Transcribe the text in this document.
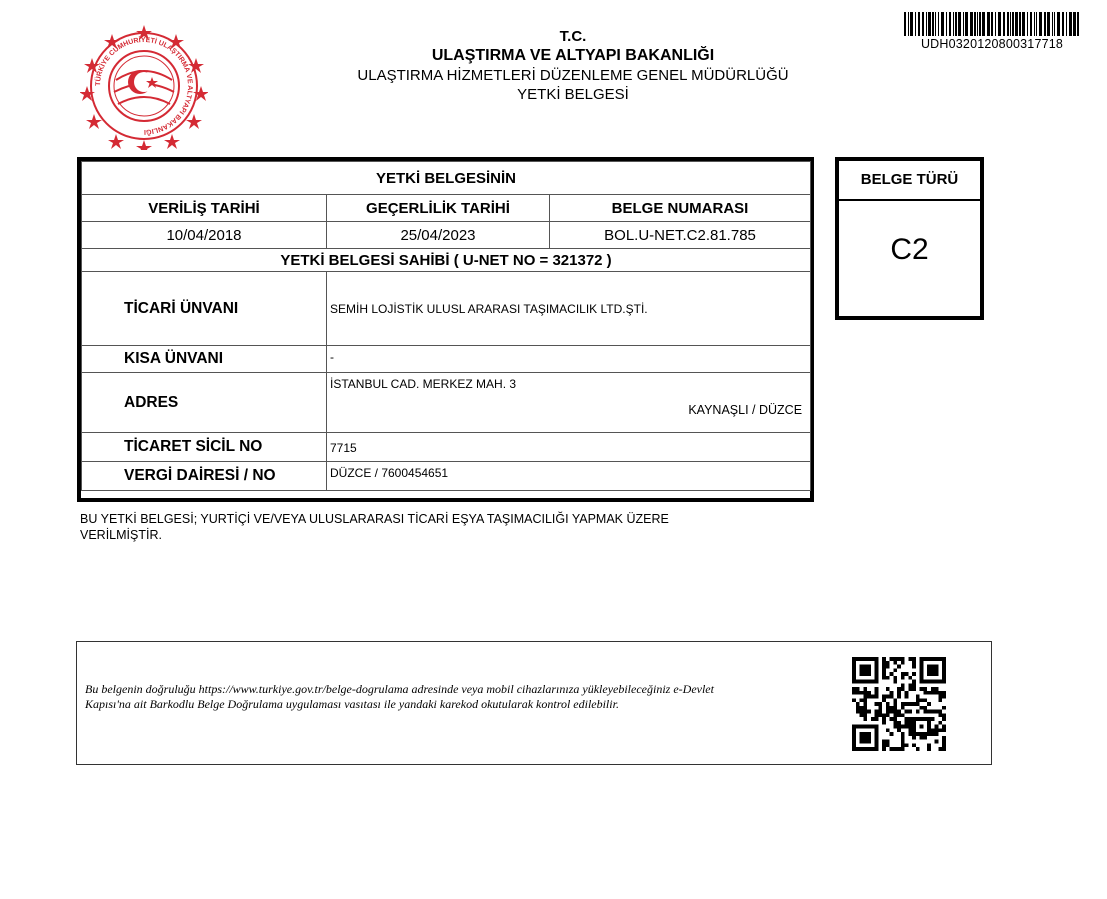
TÜRKİYE CUMHURİYETİ ULAŞTIRMA VE ALTYAPI BAKANLIĞI
T.C.
ULAŞTIRMA VE ALTYAPI BAKANLIĞI
ULAŞTIRMA HİZMETLERİ DÜZENLEME GENEL MÜDÜRLÜĞÜ
YETKİ BELGESİ
UDH0320120800317718
YETKİ BELGESİNİN		
VERİLİŞ TARİHİ	GEÇERLİLİK TARİHİ	BELGE NUMARASI
10/04/2018	25/04/2023	BOL.U-NET.C2.81.785
YETKİ BELGESİ SAHİBİ ( U-NET NO = 321372 )		
TİCARİ ÜNVANI	SEMİH LOJİSTİK ULUSL ARARASI TAŞIMACILIK LTD.ŞTİ.	
KISA ÜNVANI	-	
ADRES	İSTANBUL CAD. MERKEZ MAH. 3
KAYNAŞLI / DÜZCE	

TİCARET SİCİL NO	7715	
VERGİ DAİRESİ / NO	DÜZCE / 7600454651	
BELGE TÜRÜ
C2
BU YETKİ BELGESİ; YURTİÇİ VE/VEYA ULUSLARARASI TİCARİ EŞYA TAŞIMACILIĞI YAPMAK ÜZERE
VERİLMİŞTİR.
Bu belgenin doğruluğu https://www.turkiye.gov.tr/belge-dogrulama adresinde veya mobil cihazlarınıza yükleyebileceğiniz e-Devlet
Kapısı'na ait Barkodlu Belge Doğrulama uygulaması vasıtası ile yandaki karekod okutularak kontrol edilebilir.
